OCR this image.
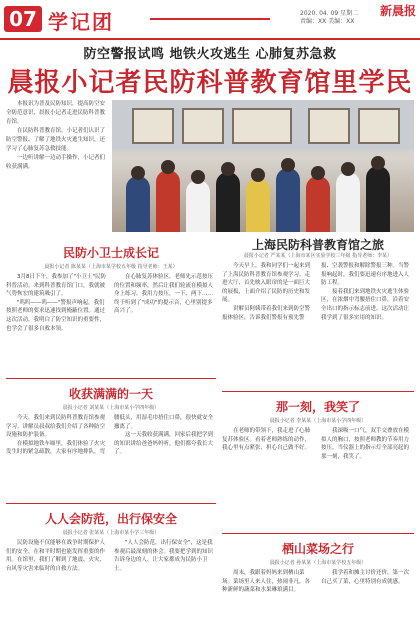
07 学记团	2020. 04. 09 星期二
责编：XX 美编：XX
新晨报
防空警报试鸣 地铁火攻逃生 心肺复苏急救
晨报小记者民防科普教育馆里学民

本报讯为普及民防知识，提高防空安全防范意识，晨报小记者走进民防科普教育馆。

在民防科普教育馆，小记者们认识了防空警报、了解了地铁火灾逃生知识，还学习了心肺复苏急救技能。

一边听讲解一边动手操作，小记者们收获满满。

上海民防科普教育馆之旅
晨报小记者 严某某（上海市某区实验学校三年级 指导老师：李某）

今天早上，我和同学们一起来到了上海民防科普教育馆参观学习。走进大厅，首先映入眼帘的是一面巨大的展板，上面介绍了民防的历史和发展。

讲解员阿姨带着我们来到防空警报体验区，告诉我们警报有预先警报、空袭警报和解除警报三种。当警报响起时，我们要迅速有序地进入人防工程。

接着我们来到地铁火灾逃生体验区，在浓烟中弯腰捂住口鼻，沿着安全出口的指示标志前进。这次活动让我学到了很多实用的知识。

民防小卫士成长记
晨报小记者 陈某某（上海市某学校五年级 指导老师：王某）

3月8日下午，我参加了"小卫士"民防科普活动。来到科普教育馆门口，我就被气势恢宏的建筑吸引了。

"呜呜——呜——"警报声响起，我们按照老师的要求迅速找到掩蔽位置。通过这次活动，我明白了防空知识的重要性，也学会了很多自救本领。

在心肺复苏体验区，老师先示范按压的位置和频率，然后让我们轮流在模拟人身上练习。我用力按压，一下、两下……终于听到了"成功"的提示音，心里别提多高兴了。

收获满满的一天
晨报小记者 刘某某（上海市某小学四年级）

今天，我们来到民防科普教育馆参观学习。讲解员叔叔给我们介绍了各种防空设施和防护装备。

在模拟地铁车厢里，我们体验了火灾发生时的紧急疏散，大家有序地排队，弯腰低头，用湿毛巾捂住口鼻，很快就安全撤离了。

这一天我收获满满，回家后我把学到的知识讲给爸爸妈妈听，他们都夸我长大了。

人人会防范，出行保安全
晨报小记者 张某某（上海市某小学三年级）

民防设施不仅能够在战争时期保护人们的安全，在和平时期也能发挥重要的作用。在馆里，我们了解到了地震、火灾、台风等灾害来临时的自救方法。

"人人会防范，出行保安全"，这是我参观后最深刻的体会。我要把学到的知识告诉身边的人，让大家都成为民防小卫士。

那一刻，我笑了
晨报小记者 李某某（上海市某小学四年级）

在老师的带领下，我走进了心肺复苏体验区。看着老师熟练的动作，我心里有点紧张，担心自己做不好。

我深吸一口气，双手交叠放在模拟人的胸口，按照老师教的节奏用力按压。当仪器上的指示灯全部亮起的那一刻，我笑了。

栖山菜场之行
晨报小记者 孙某某（上海市某学校五年级）

周末，我跟着妈妈来到栖山菜场。菜场里人来人往，热闹非凡，各种新鲜的蔬菜和水果琳琅满目。

我学着和摊主讨价还价，第一次自己买了菜，心里特别有成就感。
